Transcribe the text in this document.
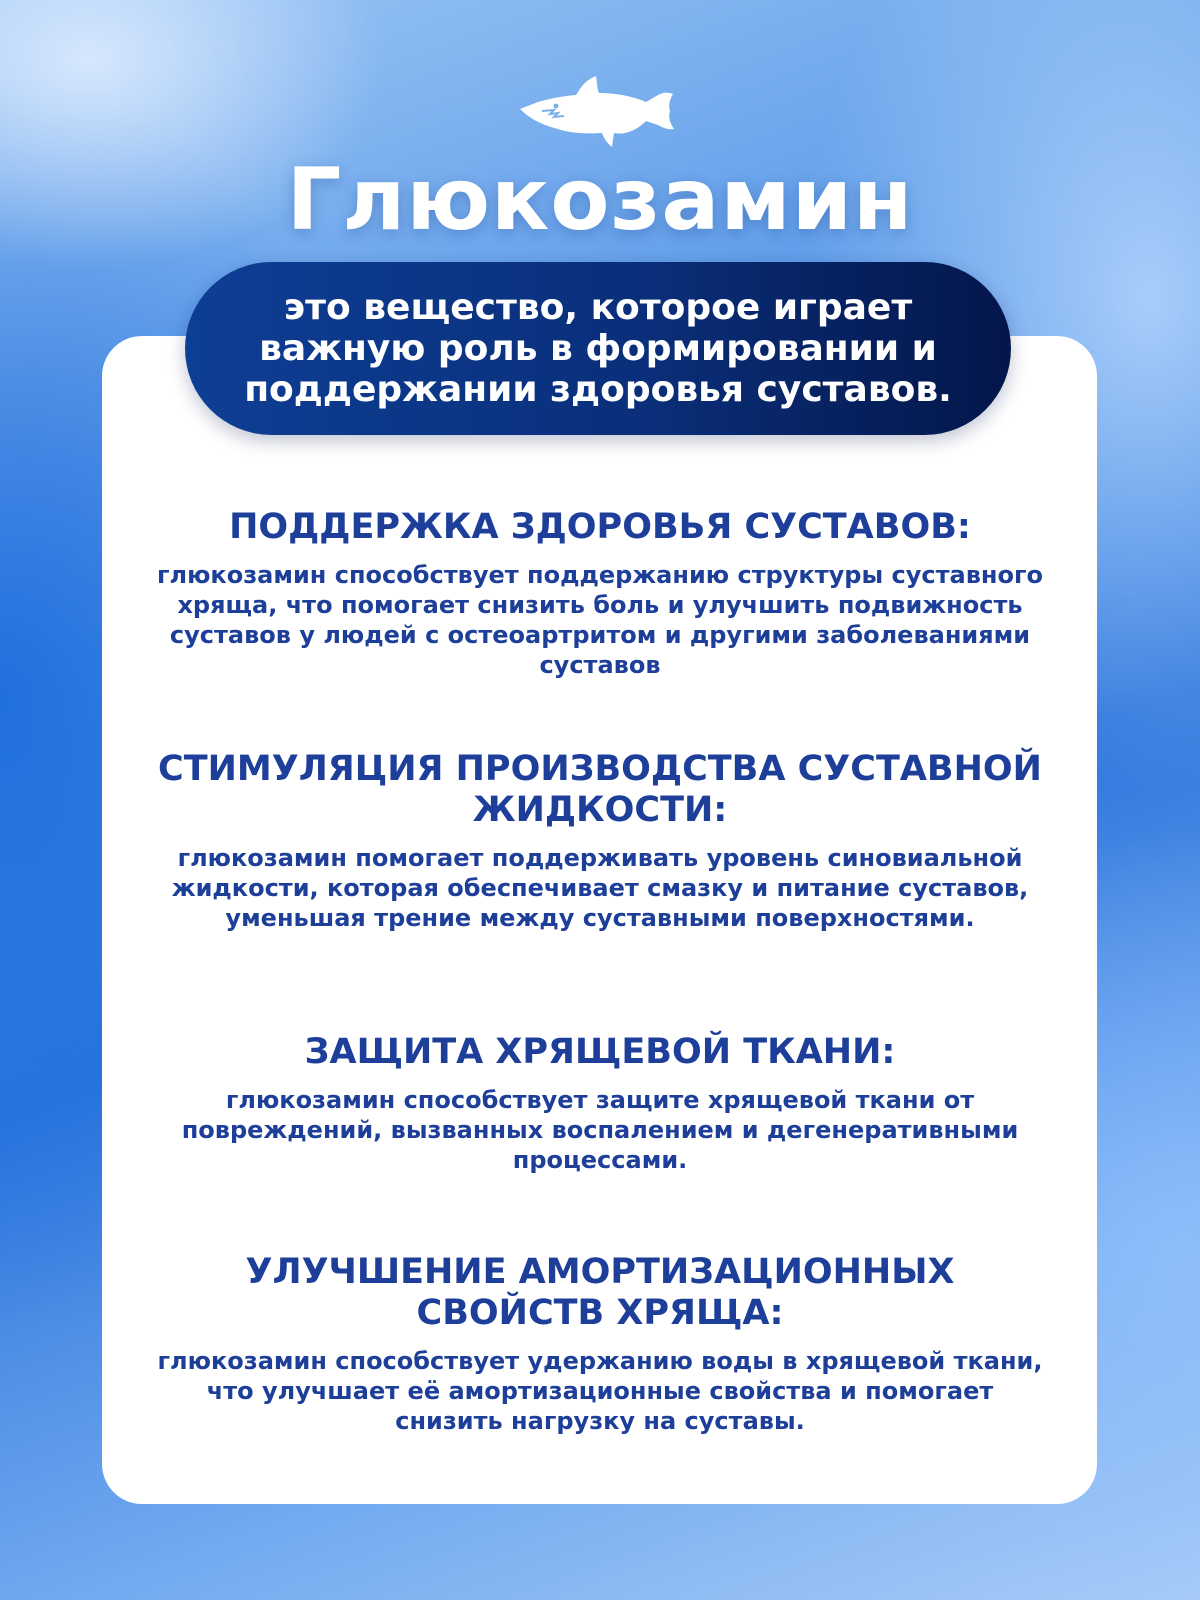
Глюкозамин

это вещество, которое играет важную роль в формировании и поддержании здоровья суставов.

ПОДДЕРЖКА ЗДОРОВЬЯ СУСТАВОВ:

глюкозамин способствует поддержанию структуры суставного хряща, что помогает снизить боль и улучшить подвижность суставов у людей с остеоартритом и другими заболеваниями суставов

СТИМУЛЯЦИЯ ПРОИЗВОДСТВА СУСТАВНОЙ ЖИДКОСТИ:

глюкозамин помогает поддерживать уровень синовиальной жидкости, которая обеспечивает смазку и питание суставов, уменьшая трение между суставными поверхностями.

ЗАЩИТА ХРЯЩЕВОЙ ТКАНИ:

глюкозамин способствует защите хрящевой ткани от повреждений, вызванных воспалением и дегенеративными процессами.

УЛУЧШЕНИЕ АМОРТИЗАЦИОННЫХ СВОЙСТВ ХРЯЩА:

глюкозамин способствует удержанию воды в хрящевой ткани, что улучшает её амортизационные свойства и помогает снизить нагрузку на суставы.
